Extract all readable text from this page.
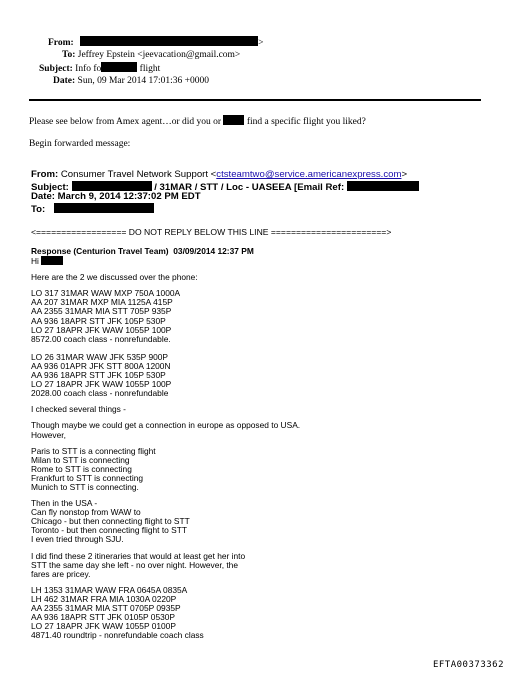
From:	>
To: Jeffrey Epstein <jeevacation@gmail.com>
Subject: Info fo	flight
Date: Sun, 09 Mar 2014 17:01:36 +0000
Please see below from Amex agent…or did you or	find a specific flight you liked?
Begin forwarded message:
From: Consumer Travel Network Support <ctsteamtwo@service.americanexpress.com>
Subject:	/ 31MAR / STT / Loc - UASEEA [Email Ref:
Date: March 9, 2014 12:37:02 PM EDT
To:
<================== DO NOT REPLY BELOW THIS LINE =======================>
Response (Centurion Travel Team)  03/09/2014 12:37 PM
Hi
Here are the 2 we discussed over the phone:
LO 317 31MAR WAW MXP 750A 1000A
AA 207 31MAR MXP MIA 1125A 415P
AA 2355 31MAR MIA STT 705P 935P
AA 936 18APR STT JFK 105P 530P
LO 27 18APR JFK WAW 1055P 100P
8572.00 coach class - nonrefundable.
LO 26 31MAR WAW JFK 535P 900P
AA 936 01APR JFK STT 800A 1200N
AA 936 18APR STT JFK 105P 530P
LO 27 18APR JFK WAW 1055P 100P
2028.00 coach class - nonrefundable
I checked several things -
Though maybe we could get a connection in europe as opposed to USA.
However,
Paris to STT is a connecting flight
Milan to STT is connecting
Rome to STT is connecting
Frankfurt to STT is connecting
Munich to STT is connecting.
Then in the USA -
Can fly nonstop from WAW to
Chicago - but then connecting flight to STT
Toronto - but then connecting flight to STT
I even tried through SJU.
I did find these 2 itineraries that would at least get her into
STT the same day she left - no over night. However, the
fares are pricey.
LH 1353 31MAR WAW FRA 0645A 0835A
LH 462 31MAR FRA MIA 1030A 0220P
AA 2355 31MAR MIA STT 0705P 0935P
AA 936 18APR STT JFK 0105P 0530P
LO 27 18APR JFK WAW 1055P 0100P
4871.40 roundtrip - nonrefundable coach class
EFTA00373362
